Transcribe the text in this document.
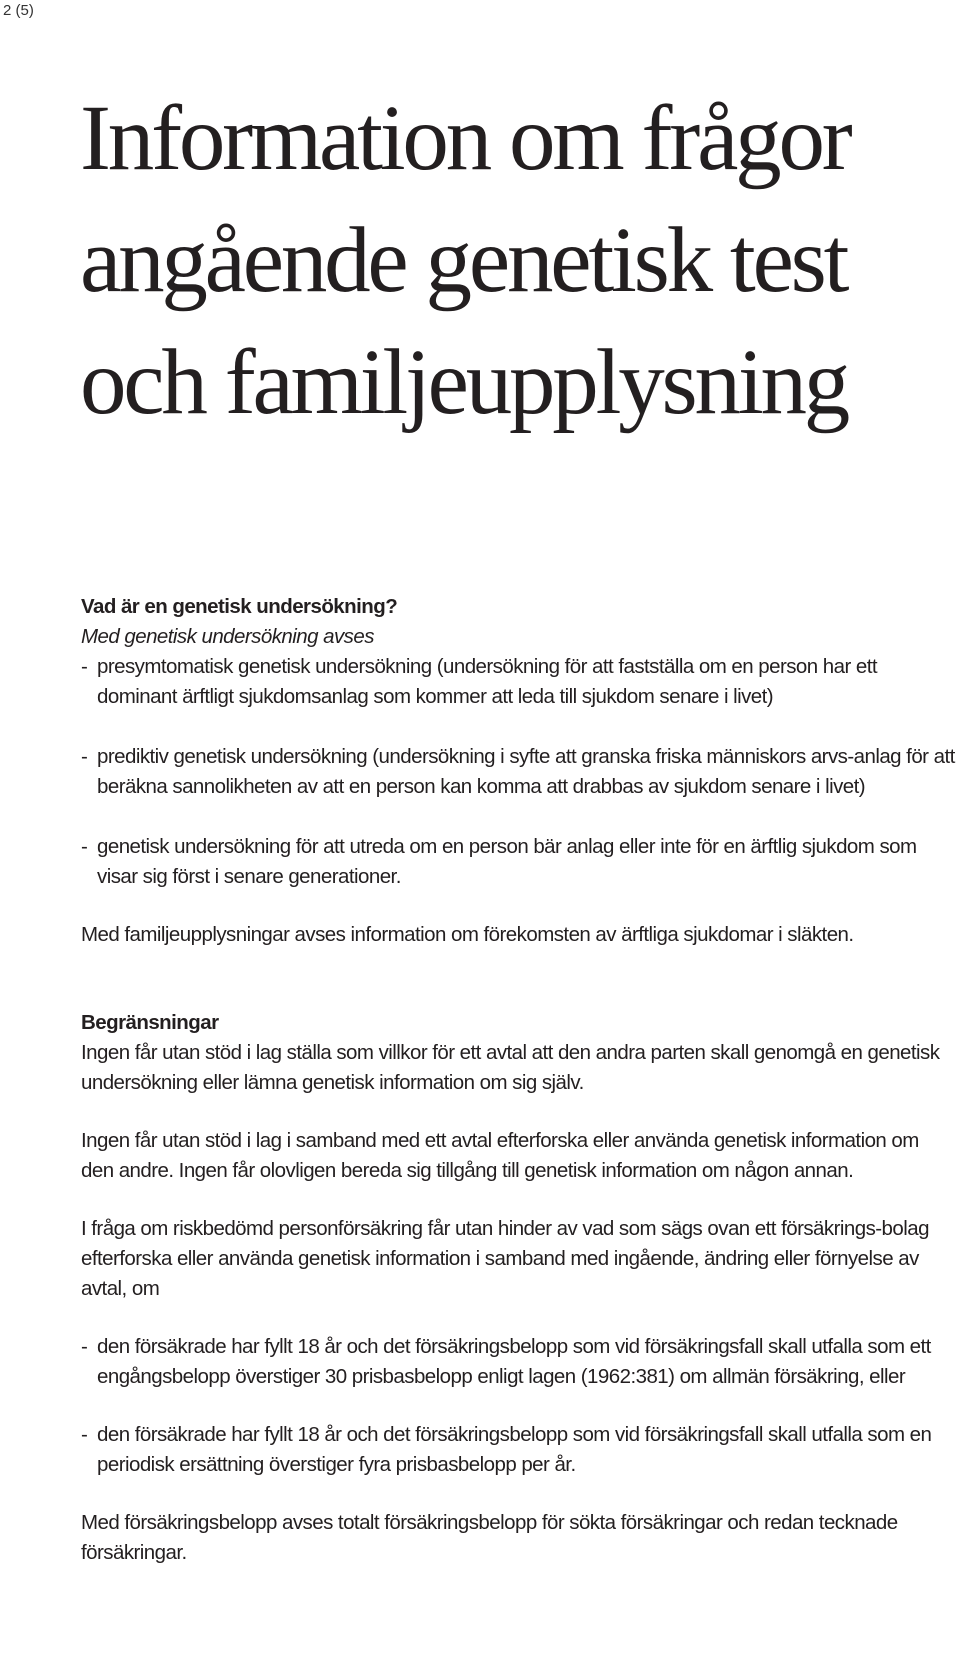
2 (5)
Information om frågor
angående genetisk test
och familjeupplysning
Vad är en genetisk undersökning?

Med genetisk undersökning avses

- presymtomatisk genetisk undersökning (undersökning för att fastställa om en person har ett dominant ärftligt sjukdomsanlag som kommer att leda till sjukdom senare i livet)
- prediktiv genetisk undersökning (undersökning i syfte att granska friska människors arvs-anlag för att beräkna sannolikheten av att en person kan komma att drabbas av sjukdom senare i livet)
- genetisk undersökning för att utreda om en person bär anlag eller inte för en ärftlig sjukdom som visar sig först i senare generationer.

Med familjeupplysningar avses information om förekomsten av ärftliga sjukdomar i släkten.

Begränsningar

Ingen får utan stöd i lag ställa som villkor för ett avtal att den andra parten skall genomgå en genetisk undersökning eller lämna genetisk information om sig själv.

Ingen får utan stöd i lag i samband med ett avtal efterforska eller använda genetisk information om den andre. Ingen får olovligen bereda sig tillgång till genetisk information om någon annan.

I fråga om riskbedömd personförsäkring får utan hinder av vad som sägs ovan ett försäkrings-bolag efterforska eller använda genetisk information i samband med ingående, ändring eller förnyelse av avtal, om

- den försäkrade har fyllt 18 år och det försäkringsbelopp som vid försäkringsfall skall utfalla som ett engångsbelopp överstiger 30 prisbasbelopp enligt lagen (1962:381) om allmän försäkring, eller
- den försäkrade har fyllt 18 år och det försäkringsbelopp som vid försäkringsfall skall utfalla som en periodisk ersättning överstiger fyra prisbasbelopp per år.

Med försäkringsbelopp avses totalt försäkringsbelopp för sökta försäkringar och redan tecknade försäkringar.
